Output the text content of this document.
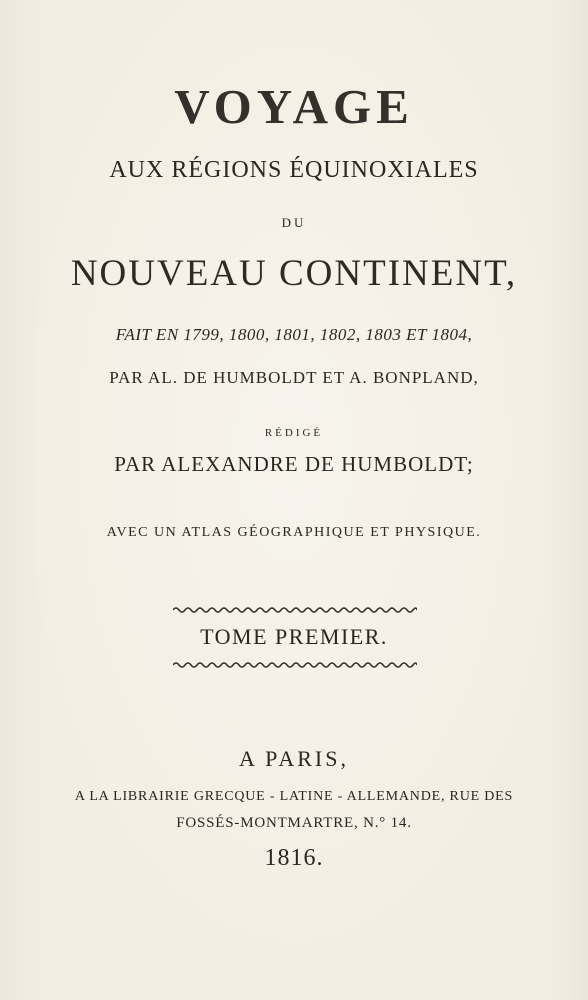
VOYAGE
AUX RÉGIONS ÉQUINOXIALES
DU
NOUVEAU CONTINENT,
FAIT EN 1799, 1800, 1801, 1802, 1803 ET 1804,
PAR AL. DE HUMBOLDT ET A. BONPLAND,
RÉDIGÉ
PAR ALEXANDRE DE HUMBOLDT;
AVEC UN ATLAS GÉOGRAPHIQUE ET PHYSIQUE.
TOME PREMIER.
A PARIS,
A LA LIBRAIRIE GRECQUE - LATINE - ALLEMANDE, RUE DES
FOSSÉS-MONTMARTRE, N.° 14.
1816.
